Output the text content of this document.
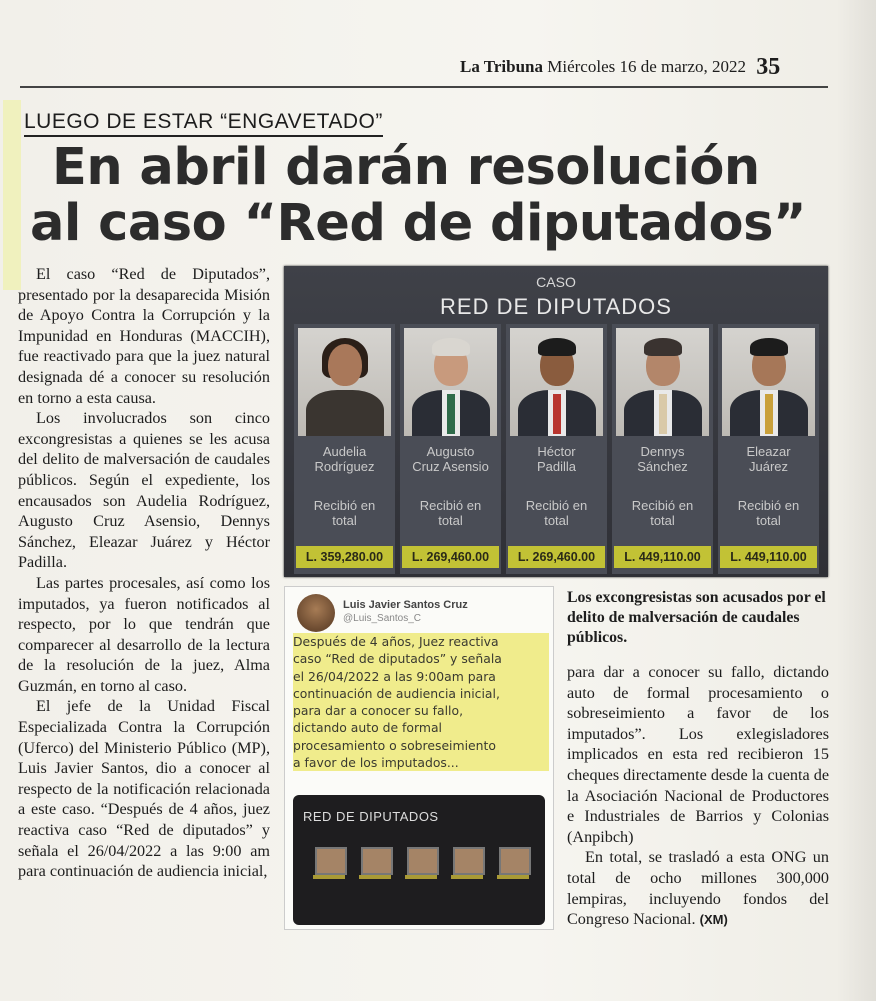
La Tribuna Miércoles 16 de marzo, 2022 35
LUEGO DE ESTAR “ENGAVETADO”
En abril darán resolución
al caso “Red de diputados”

El caso “Red de Diputados”, presentado por la desaparecida Misión de Apoyo Contra la Corrupción y la Impunidad en Honduras (MACCIH), fue reactivado para que la juez natural designada dé a conocer su resolución en torno a esta causa.

Los involucrados son cinco excongresistas a quienes se les acusa del delito de malversación de caudales públicos. Según el expediente, los encausados son Audelia Rodríguez, Augusto Cruz Asensio, Dennys Sánchez, Eleazar Juárez y Héctor Padilla.

Las partes procesales, así como los imputados, ya fueron notificados al respecto, por lo que tendrán que comparecer al desarrollo de la lectura de la resolución de la juez, Alma Guzmán, en torno al caso.

El jefe de la Unidad Fiscal Especializada Contra la Corrupción (Uferco) del Ministerio Público (MP), Luis Javier Santos, dio a conocer al respecto de la notificación relacionada a este caso. “Después de 4 años, juez reactiva caso “Red de diputados” y señala el 26/04/2022 a las 9:00 am para continuación de audiencia inicial,

CASO
RED DE DIPUTADOS
Audelia
Rodríguez
Recibió en
total
L. 359,280.00
Augusto
Cruz Asensio
Recibió en
total
L. 269,460.00
Héctor
Padilla
Recibió en
total
L. 269,460.00
Dennys
Sánchez
Recibió en
total
L. 449,110.00
Eleazar
Juárez
Recibió en
total
L. 449,110.00
Luis Javier Santos Cruz
@Luis_Santos_C
Después de 4 años, Juez reactiva
caso “Red de diputados” y señala
el 26/04/2022 a las 9:00am para
continuación de audiencia inicial,
para dar a conocer su fallo,
dictando auto de formal
procesamiento o sobreseimiento
a favor de los imputados...
RED DE DIPUTADOS
Los excongresistas son acusados por el delito de malversación de caudales públicos.

para dar a conocer su fallo, dictando auto de formal procesamiento o sobreseimiento a favor de los imputados”. Los exlegisladores implicados en esta red recibieron 15 cheques directamente desde la cuenta de la Asociación Nacional de Productores e Industriales de Barrios y Colonias (Anpibch)

En total, se trasladó a esta ONG un total de ocho millones 300,000 lempiras, incluyendo fondos del Congreso Nacional. (XM)
